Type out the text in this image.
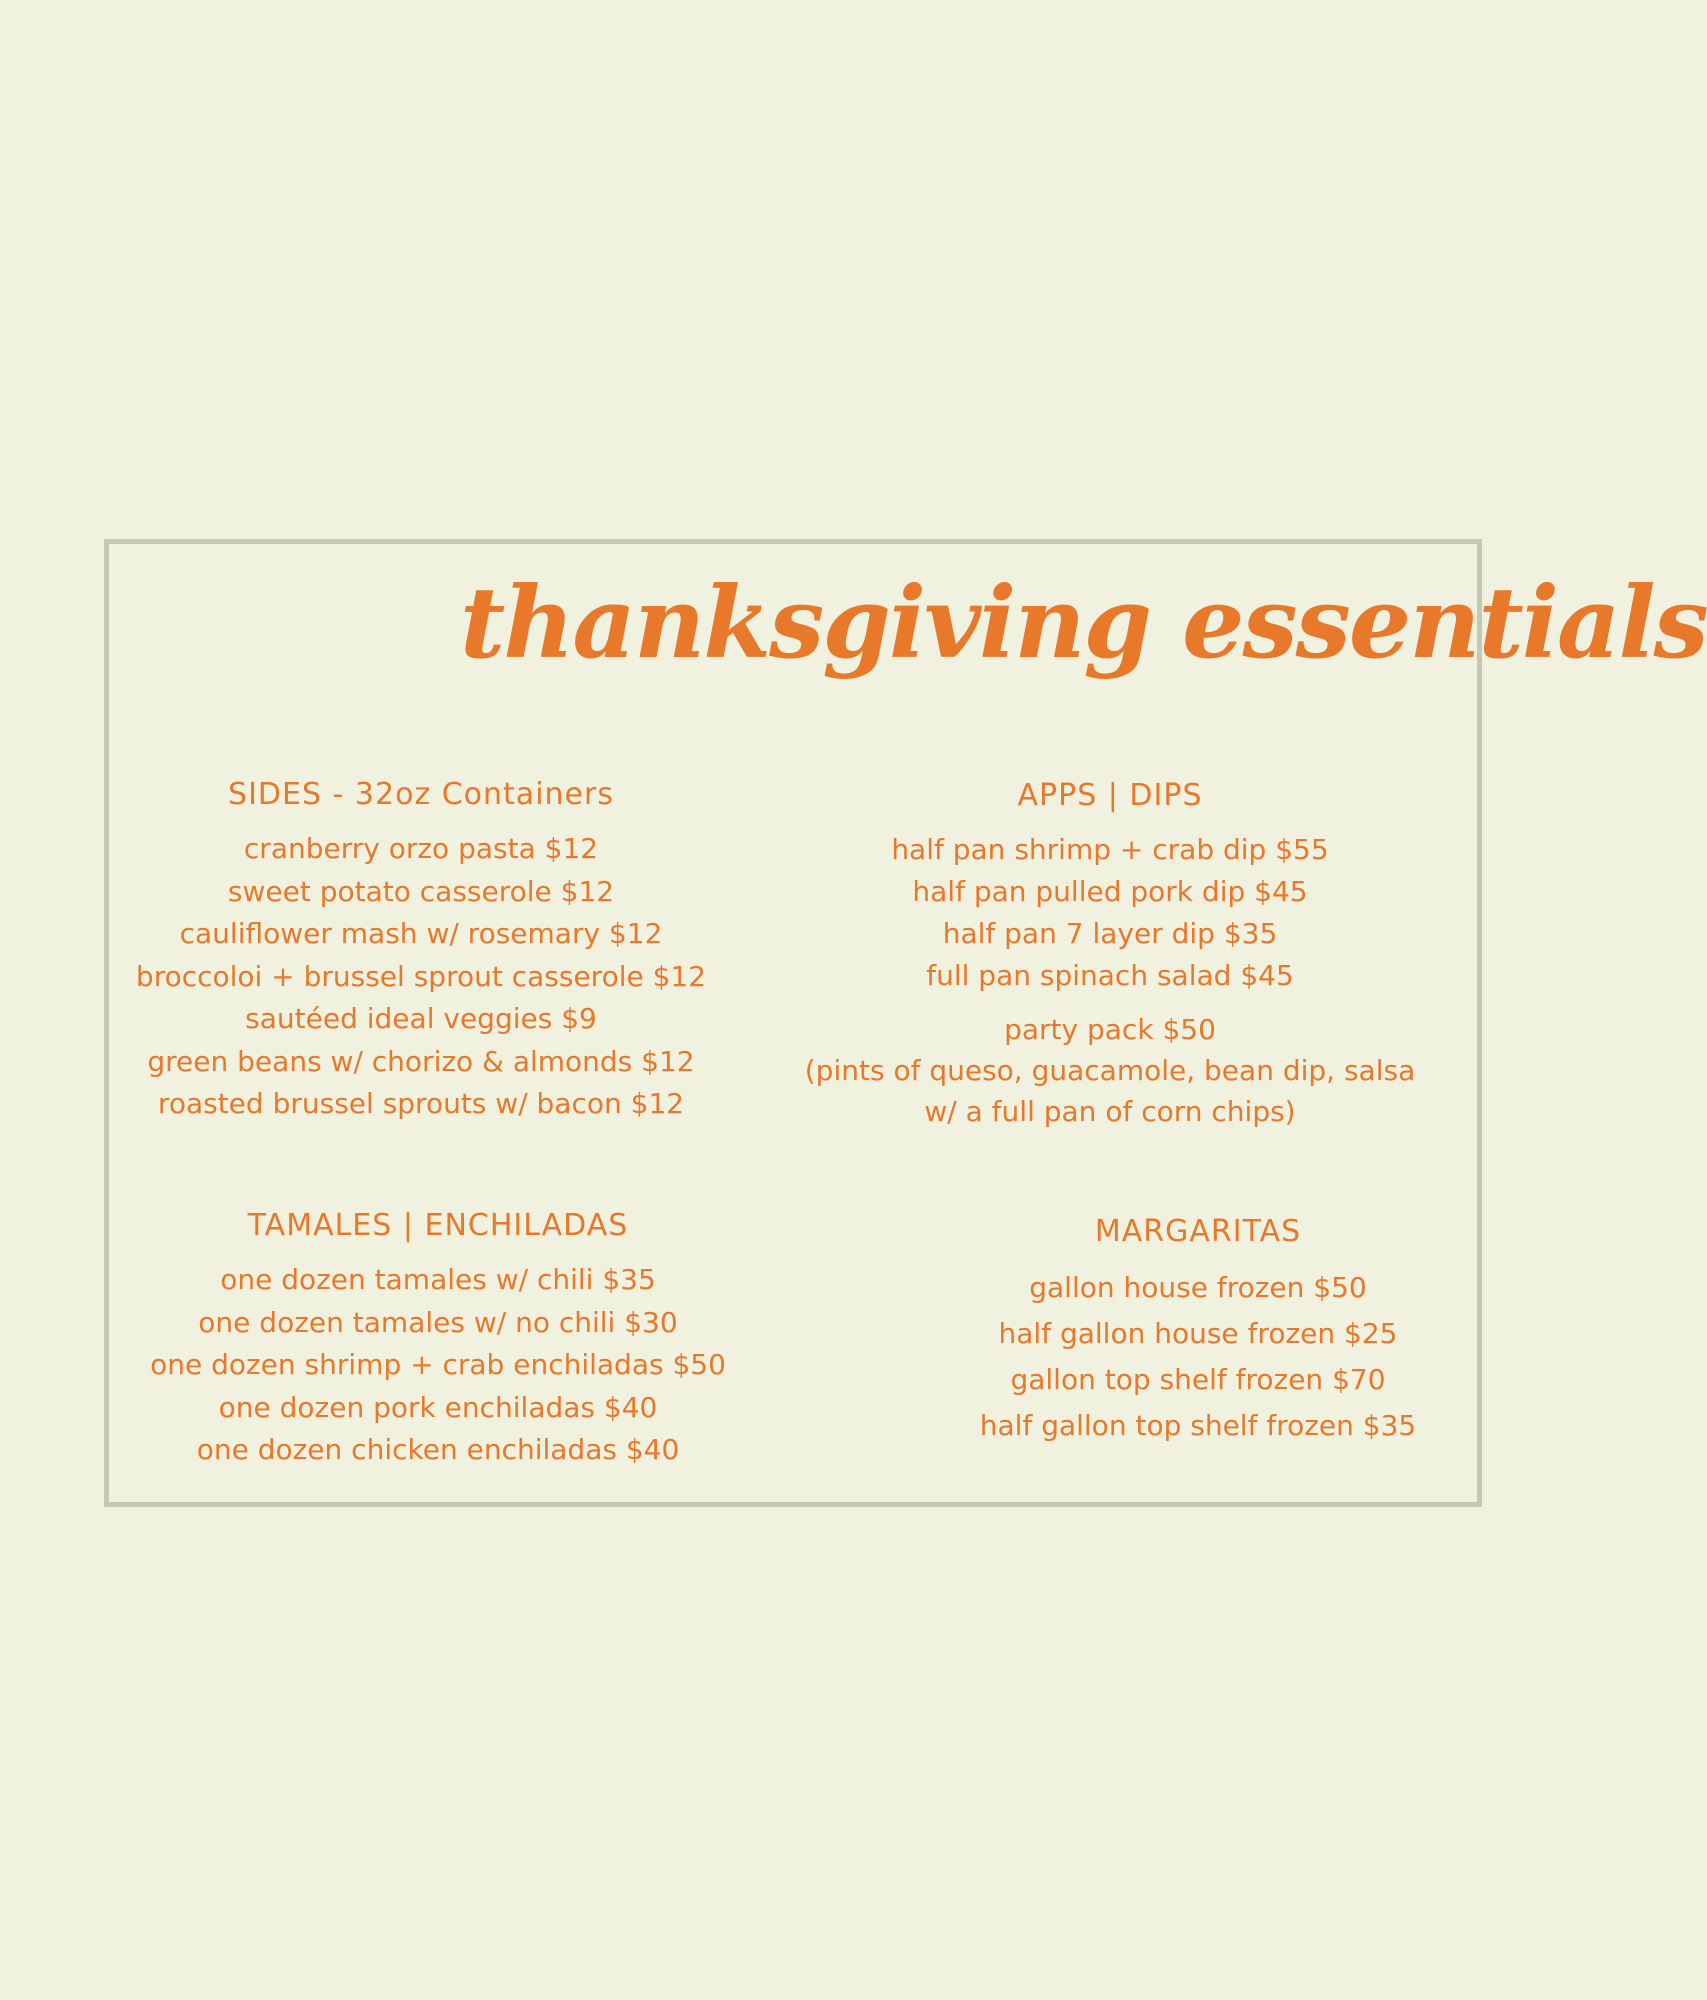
thanksgiving essentials
SIDES - 32oz Containers
cranberry orzo pasta $12
sweet potato casserole $12
cauliflower mash w/ rosemary $12
broccoloi + brussel sprout casserole $12
sautéed ideal veggies $9
green beans w/ chorizo & almonds $12
roasted brussel sprouts w/ bacon $12
APPS | DIPS
half pan shrimp + crab dip $55
half pan pulled pork dip $45
half pan 7 layer dip $35
full pan spinach salad $45
party pack $50
(pints of queso, guacamole, bean dip, salsa
w/ a full pan of corn chips)
TAMALES | ENCHILADAS
one dozen tamales w/ chili $35
one dozen tamales w/ no chili $30
one dozen shrimp + crab enchiladas $50
one dozen pork enchiladas $40
one dozen chicken enchiladas $40
MARGARITAS
gallon house frozen $50
half gallon house frozen $25
gallon top shelf frozen $70
half gallon top shelf frozen $35
